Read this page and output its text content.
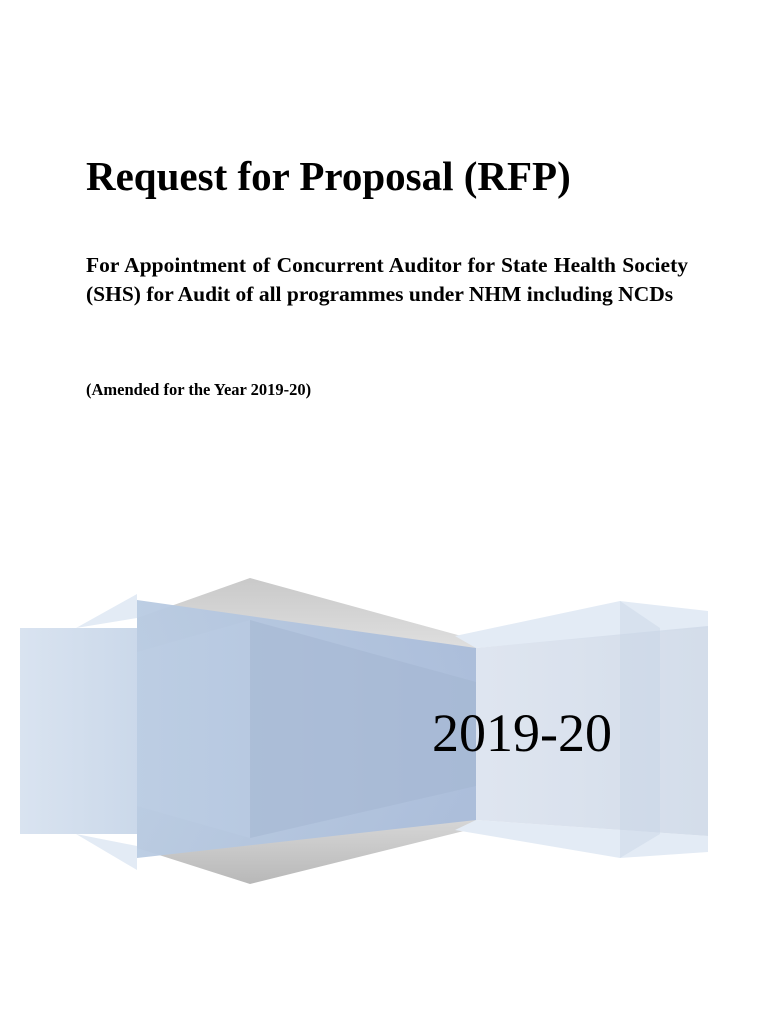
Request for Proposal (RFP)

For Appointment of Concurrent Auditor for State Health Society (SHS) for Audit of all programmes under NHM including NCDs

(Amended for the Year 2019-20)

2019-20
